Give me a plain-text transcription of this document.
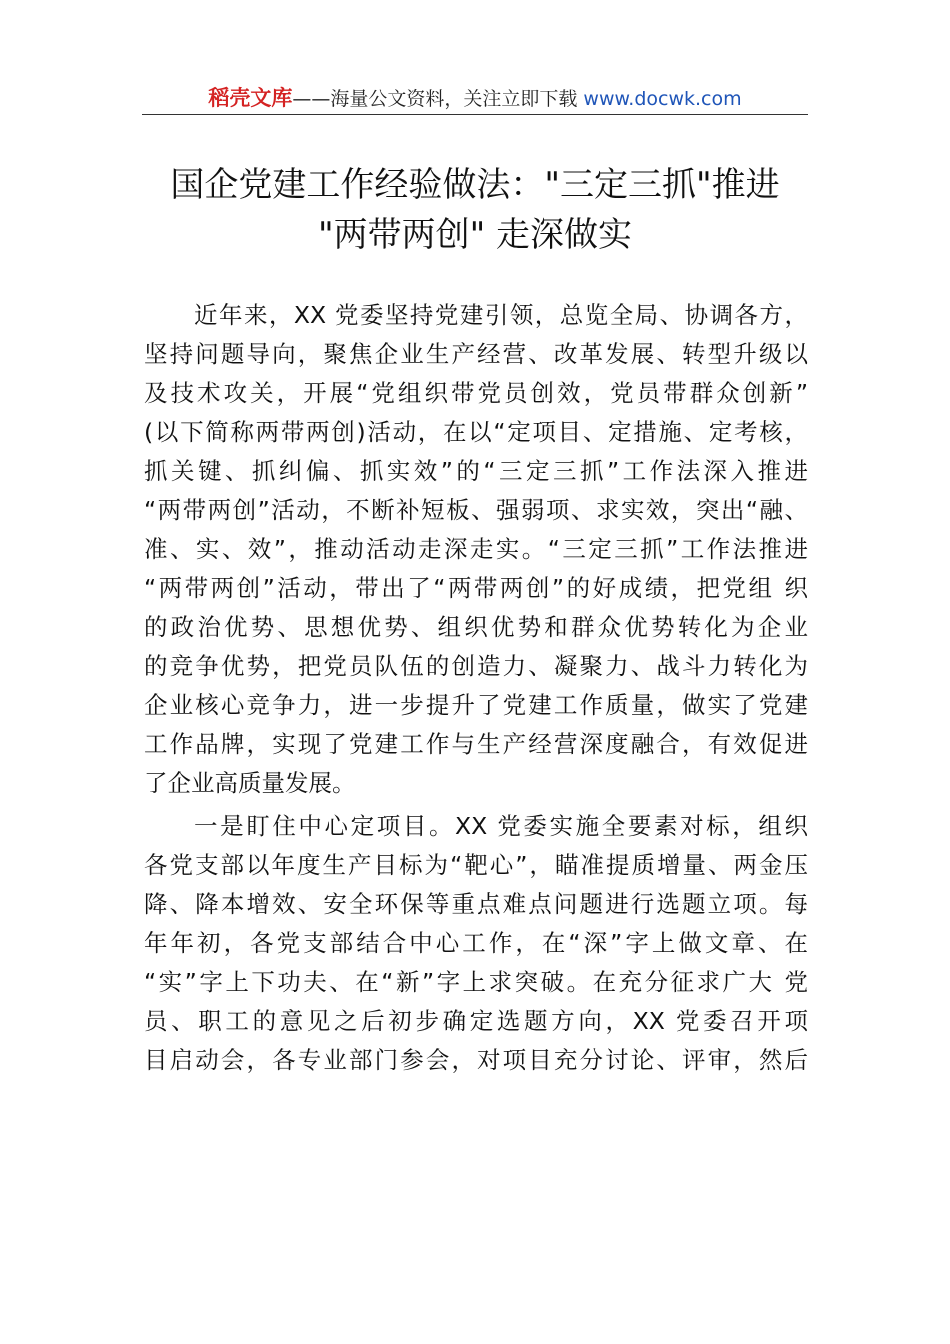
稻壳文库——海量公文资料，关注立即下载 www.docwk.com
国企党建工作经验做法："三定三抓"推进
"两带两创" 走深做实
近年来，XX 党委坚持党建引领，总览全局、协调各方，
坚持问题导向，聚焦企业生产经营、改革发展、转型升级以
及技术攻关，开展“党组织带党员创效，党员带群众创新”
(以下简称两带两创)活动，在以“定项目、定措施、定考核，
抓关键、抓纠偏、抓实效”的“三定三抓”工作法深入推进
“两带两创”活动，不断补短板、强弱项、求实效，突出“融、
准、实、效”，推动活动走深走实。“三定三抓”工作法推进
“两带两创”活动，带出了“两带两创”的好成绩，把党组 织
的政治优势、思想优势、组织优势和群众优势转化为企业
的竞争优势，把党员队伍的创造力、凝聚力、战斗力转化为
企业核心竞争力，进一步提升了党建工作质量，做实了党建
工作品牌，实现了党建工作与生产经营深度融合，有效促进
了企业高质量发展。
一是盯住中心定项目。XX 党委实施全要素对标，组织
各党支部以年度生产目标为“靶心”，瞄准提质增量、两金压
降、降本增效、安全环保等重点难点问题进行选题立项。每
年年初，各党支部结合中心工作，在“深”字上做文章、在
“实”字上下功夫、在“新”字上求突破。在充分征求广大 党
员、职工的意见之后初步确定选题方向，XX 党委召开项
目启动会，各专业部门参会，对项目充分讨论、评审，然后
